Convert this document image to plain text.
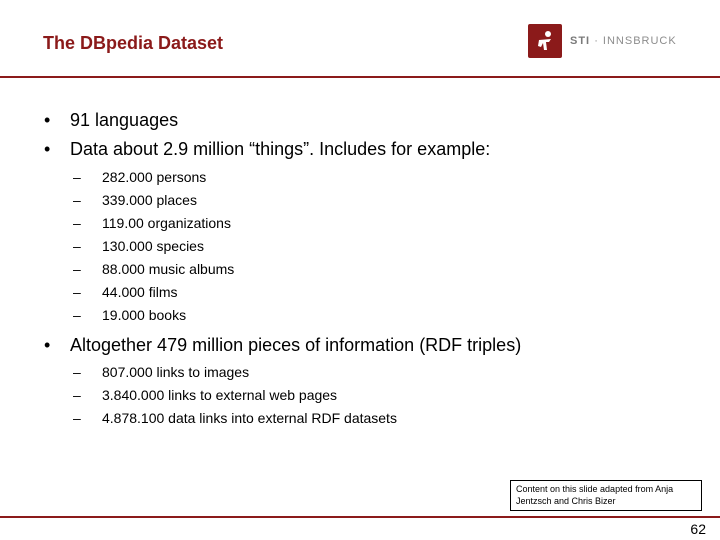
The DBpedia Dataset	STI · INNSBRUCK
•	91 languages
•	Data about 2.9 million “things”. Includes for example:
–	282.000 persons
–	339.000 places
–	119.00 organizations
–	130.000 species
–	88.000 music albums
–	44.000 films
–	19.000 books
•	Altogether 479 million pieces of information (RDF triples)
–	807.000 links to images
–	3.840.000 links to external web pages
–	4.878.100 data links into external RDF datasets
Content on this slide adapted from Anja Jentzsch and Chris Bizer
62
